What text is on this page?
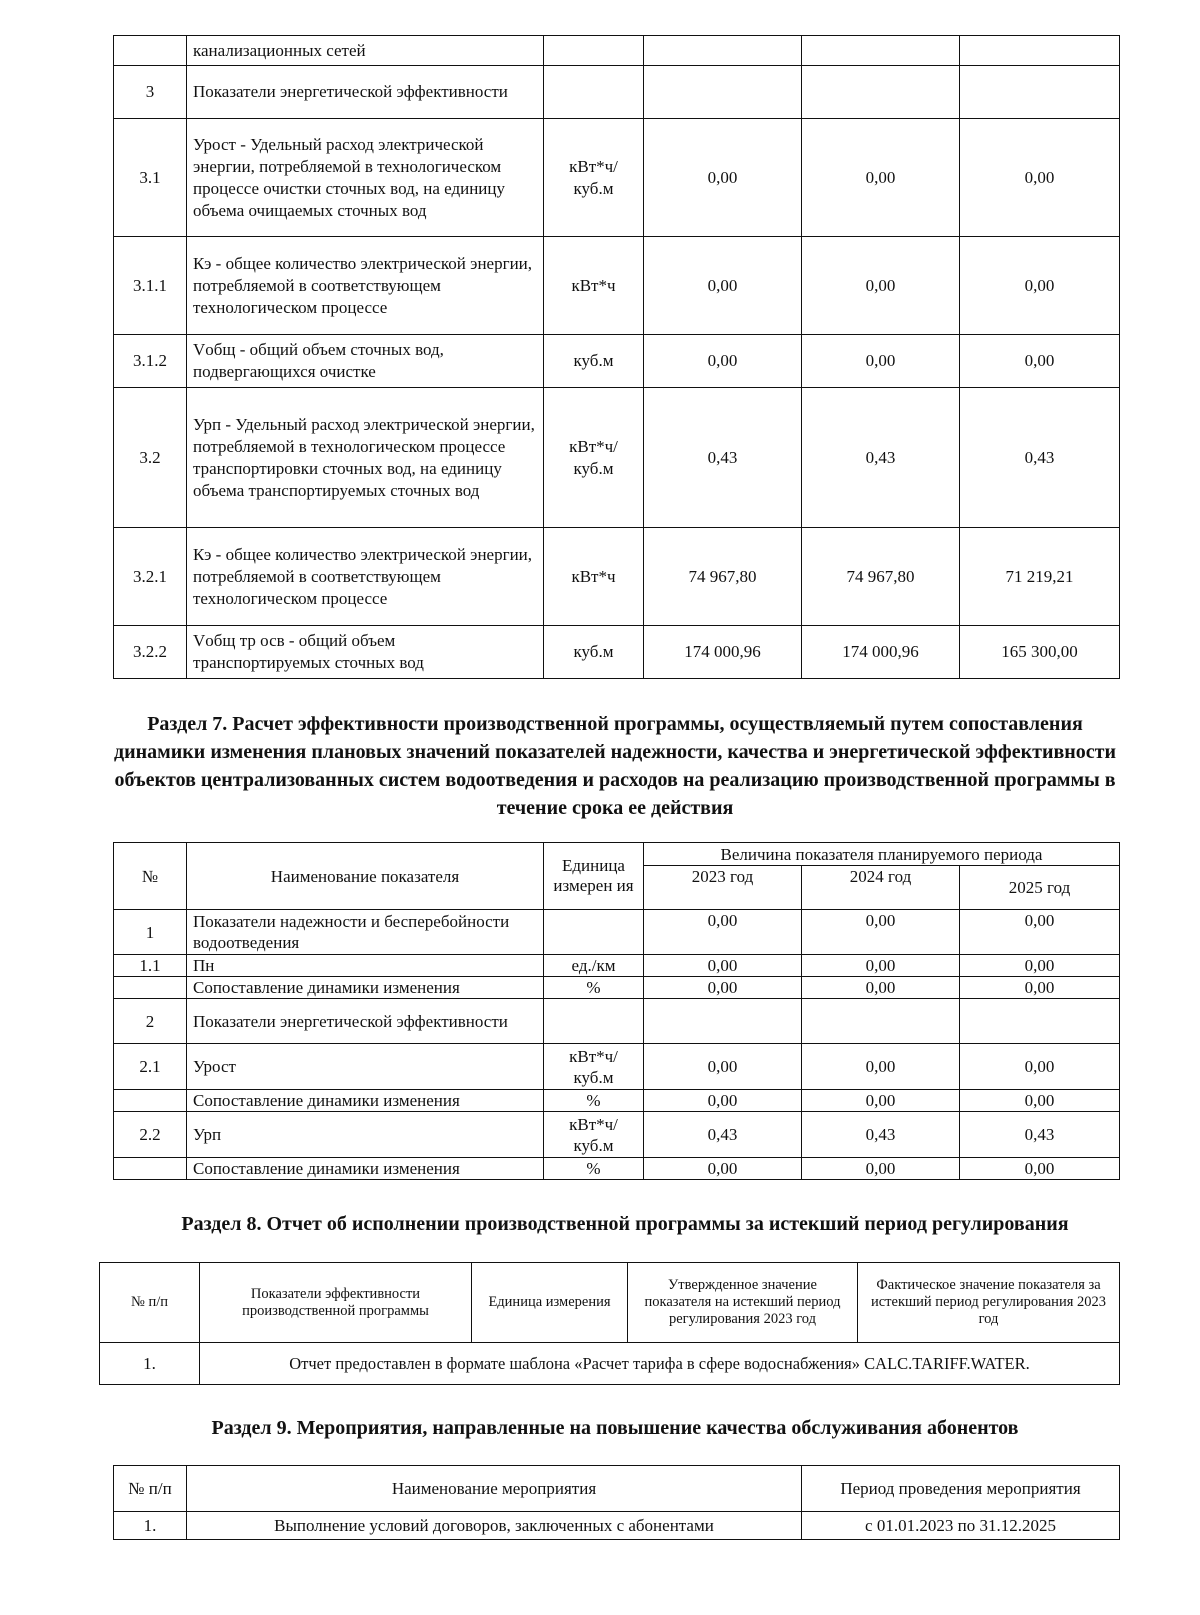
	канализационных сетей				
3	Показатели энергетической эффективности				
3.1	Урост - Удельный расход электрической энергии, потребляемой в технологическом процессе очистки сточных вод, на единицу объема очищаемых сточных вод	кВт*ч/ куб.м	0,00	0,00	0,00
3.1.1	Кэ - общее количество электрической энергии, потребляемой в соответствующем технологическом процессе	кВт*ч	0,00	0,00	0,00
3.1.2	Vобщ - общий объем сточных вод, подвергающихся очистке	куб.м	0,00	0,00	0,00
3.2	Урп - Удельный расход электрической энергии, потребляемой в технологическом процессе транспортировки сточных вод, на единицу объема транспортируемых сточных вод	кВт*ч/ куб.м	0,43	0,43	0,43
3.2.1	Кэ - общее количество электрической энергии, потребляемой в соответствующем технологическом процессе	кВт*ч	74 967,80	74 967,80	71 219,21
3.2.2	Vобщ тр осв - общий объем транспортируемых сточных вод	куб.м	174 000,96	174 000,96	165 300,00
Раздел 7. Расчет эффективности производственной программы, осуществляемый путем сопоставления динамики изменения плановых значений показателей надежности, качества и энергетической эффективности объектов централизованных систем водоотведения и расходов на реализацию производственной программы в течение срока ее действия
№	Наименование показателя	Единица измерен ия	Величина показателя планируемого периода		
			2023 год	2024 год	2025 год
1	Показатели надежности и бесперебойности водоотведения		0,00	0,00	0,00
1.1	Пн	ед./км	0,00	0,00	0,00
	Сопоставление динамики изменения	%	0,00	0,00	0,00
2	Показатели энергетической эффективности				
2.1	Урост	кВт*ч/ куб.м	0,00	0,00	0,00
	Сопоставление динамики изменения	%	0,00	0,00	0,00
2.2	Урп	кВт*ч/ куб.м	0,43	0,43	0,43
	Сопоставление динамики изменения	%	0,00	0,00	0,00
Раздел 8. Отчет об исполнении производственной программы за истекший период регулирования
№ п/п	Показатели эффективности производственной программы	Единица измерения	Утвержденное значение показателя на истекший период регулирования 2023 год	Фактическое значение показателя за истекший период регулирования 2023 год
1.	Отчет предоставлен в формате шаблона «Расчет тарифа в сфере водоснабжения» CALC.TARIFF.WATER.			
Раздел 9. Мероприятия, направленные на повышение качества обслуживания абонентов
№ п/п	Наименование мероприятия	Период проведения мероприятия
1.	Выполнение условий договоров, заключенных с абонентами	с 01.01.2023 по 31.12.2025
